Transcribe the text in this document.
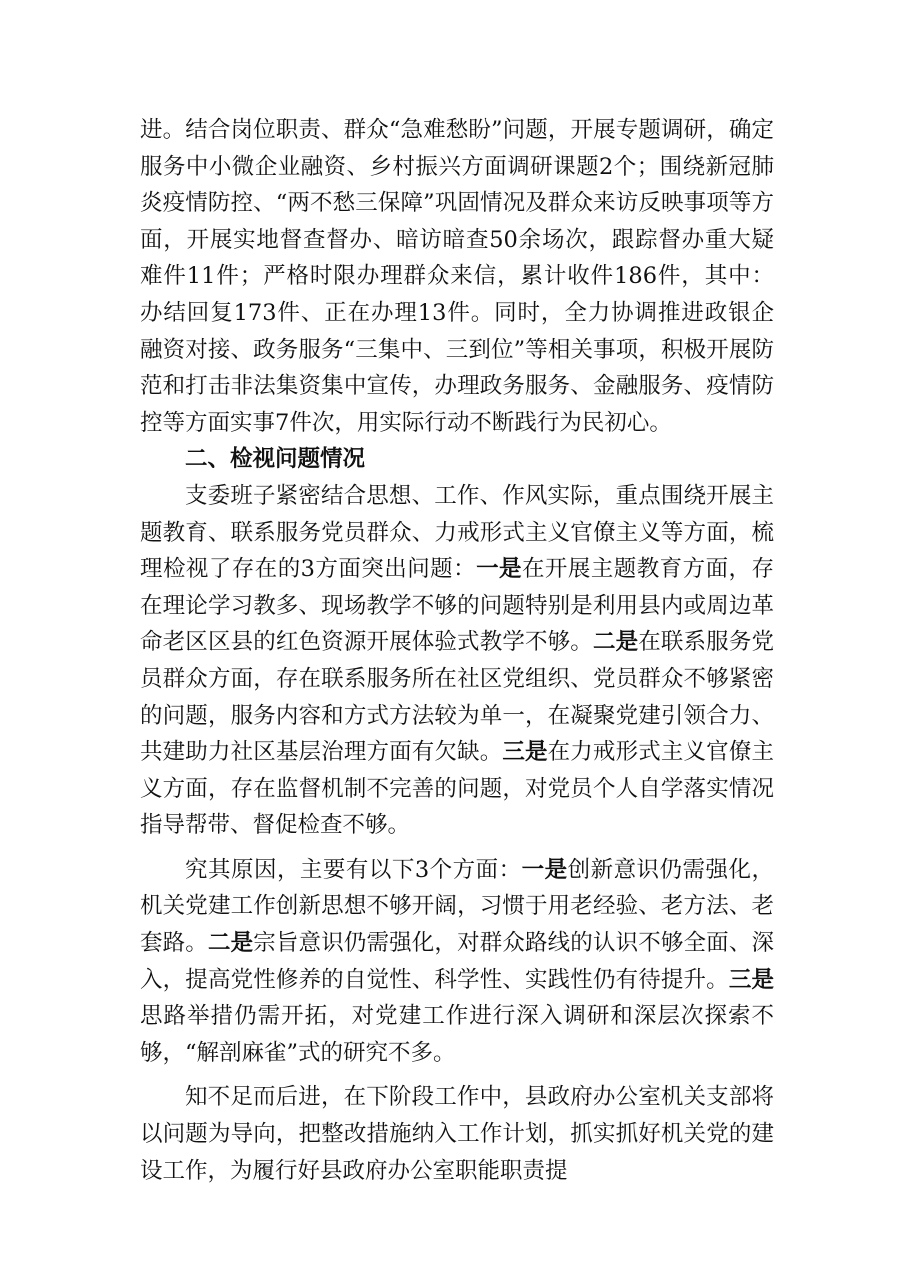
进。结合岗位职责、群众“急难愁盼”问题，开展专题调研，确定服务中小微企业融资、乡村振兴方面调研课题2个；围绕新冠肺炎疫情防控、“两不愁三保障”巩固情况及群众来访反映事项等方面，开展实地督查督办、暗访暗查50余场次，跟踪督办重大疑难件11件；严格时限办理群众来信，累计收件186件，其中：办结回复173件、正在办理13件。同时，全力协调推进政银企融资对接、政务服务“三集中、三到位”等相关事项，积极开展防范和打击非法集资集中宣传，办理政务服务、金融服务、疫情防控等方面实事7件次，用实际行动不断践行为民初心。

二、检视问题情况

支委班子紧密结合思想、工作、作风实际，重点围绕开展主题教育、联系服务党员群众、力戒形式主义官僚主义等方面，梳理检视了存在的3方面突出问题：一是在开展主题教育方面，存在理论学习教多、现场教学不够的问题特别是利用县内或周边革命老区区县的红色资源开展体验式教学不够。二是在联系服务党员群众方面，存在联系服务所在社区党组织、党员群众不够紧密的问题，服务内容和方式方法较为单一，在凝聚党建引领合力、共建助力社区基层治理方面有欠缺。三是在力戒形式主义官僚主义方面，存在监督机制不完善的问题，对党员个人自学落实情况指导帮带、督促检查不够。

究其原因，主要有以下3个方面：一是创新意识仍需强化，机关党建工作创新思想不够开阔，习惯于用老经验、老方法、老套路。二是宗旨意识仍需强化，对群众路线的认识不够全面、深入，提高党性修养的自觉性、科学性、实践性仍有待提升。三是思路举措仍需开拓，对党建工作进行深入调研和深层次探索不够，“解剖麻雀”式的研究不多。

知不足而后进，在下阶段工作中，县政府办公室机关支部将以问题为导向，把整改措施纳入工作计划，抓实抓好机关党的建设工作，为履行好县政府办公室职能职责提
